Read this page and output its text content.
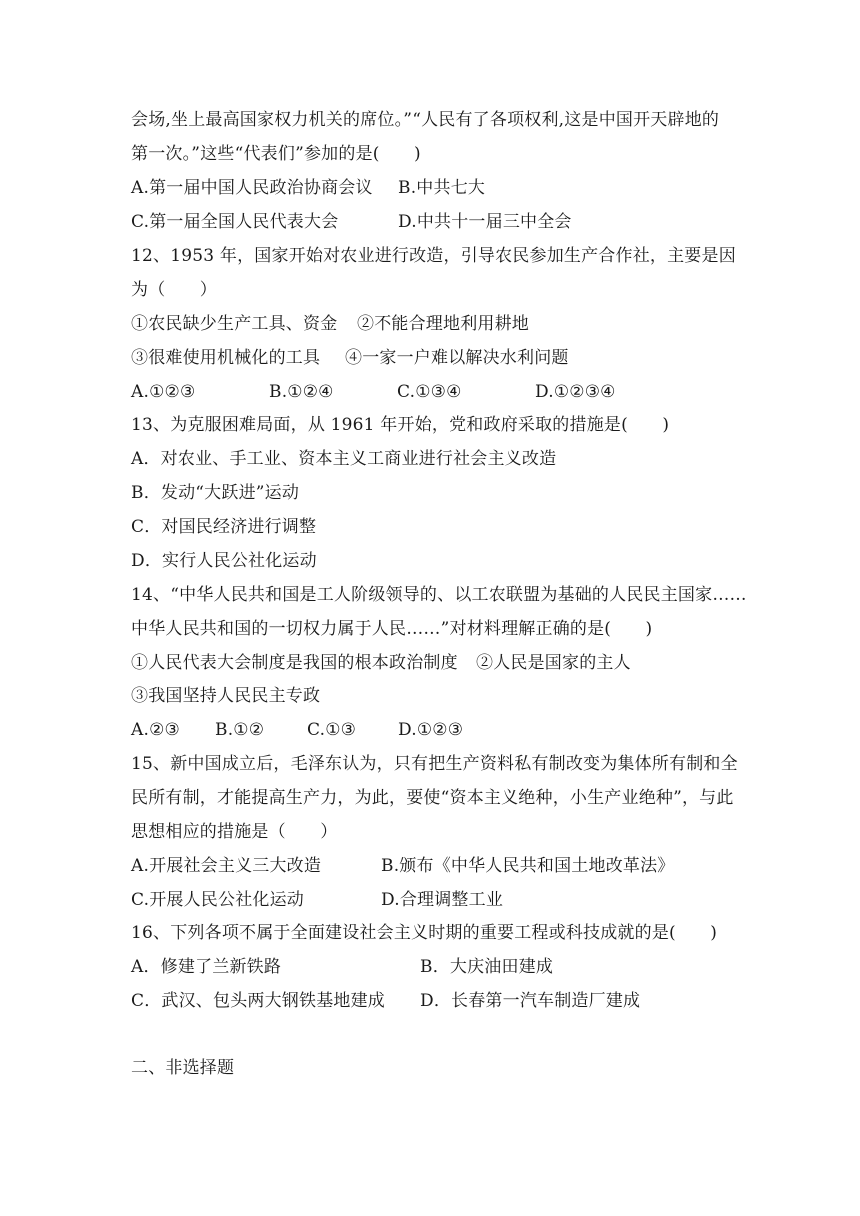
会场,坐上最高国家权力机关的席位。”“人民有了各项权利,这是中国开天辟地的
第一次。”这些“代表们”参加的是(　　)
A.第一届中国人民政治协商会议 B.中共七大
C.第一届全国人民代表大会	D.中共十一届三中全会
12、1953 年，国家开始对农业进行改造，引导农民参加生产合作社，主要是因
为（　　）
①农民缺少生产工具、资金 ②不能合理地利用耕地
③很难使用机械化的工具 ④一家一户难以解决水利问题
A.①②③	B.①②④	C.①③④	D.①②③④
13、为克服困难局面，从 1961 年开始，党和政府采取的措施是(　　)
A．对农业、手工业、资本主义工商业进行社会主义改造
B．发动“大跃进”运动
C．对国民经济进行调整
D．实行人民公社化运动
14、“中华人民共和国是工人阶级领导的、以工农联盟为基础的人民民主国家……
中华人民共和国的一切权力属于人民……”对材料理解正确的是(　　)
①人民代表大会制度是我国的根本政治制度 ②人民是国家的主人
③我国坚持人民民主专政
A.②③ B.①②	C.①③ D.①②③
15、新中国成立后，毛泽东认为，只有把生产资料私有制改变为集体所有制和全
民所有制，才能提高生产力，为此，要使“资本主义绝种，小生产业绝种”，与此
思想相应的措施是（　　）
A.开展社会主义三大改造	B.颁布《中华人民共和国土地改革法》
C.开展人民公社化运动	D.合理调整工业
16、下列各项不属于全面建设社会主义时期的重要工程或科技成就的是(　　)
A．修建了兰新铁路	B．大庆油田建成
C．武汉、包头两大钢铁基地建成 D．长春第一汽车制造厂建成
二、非选择题
